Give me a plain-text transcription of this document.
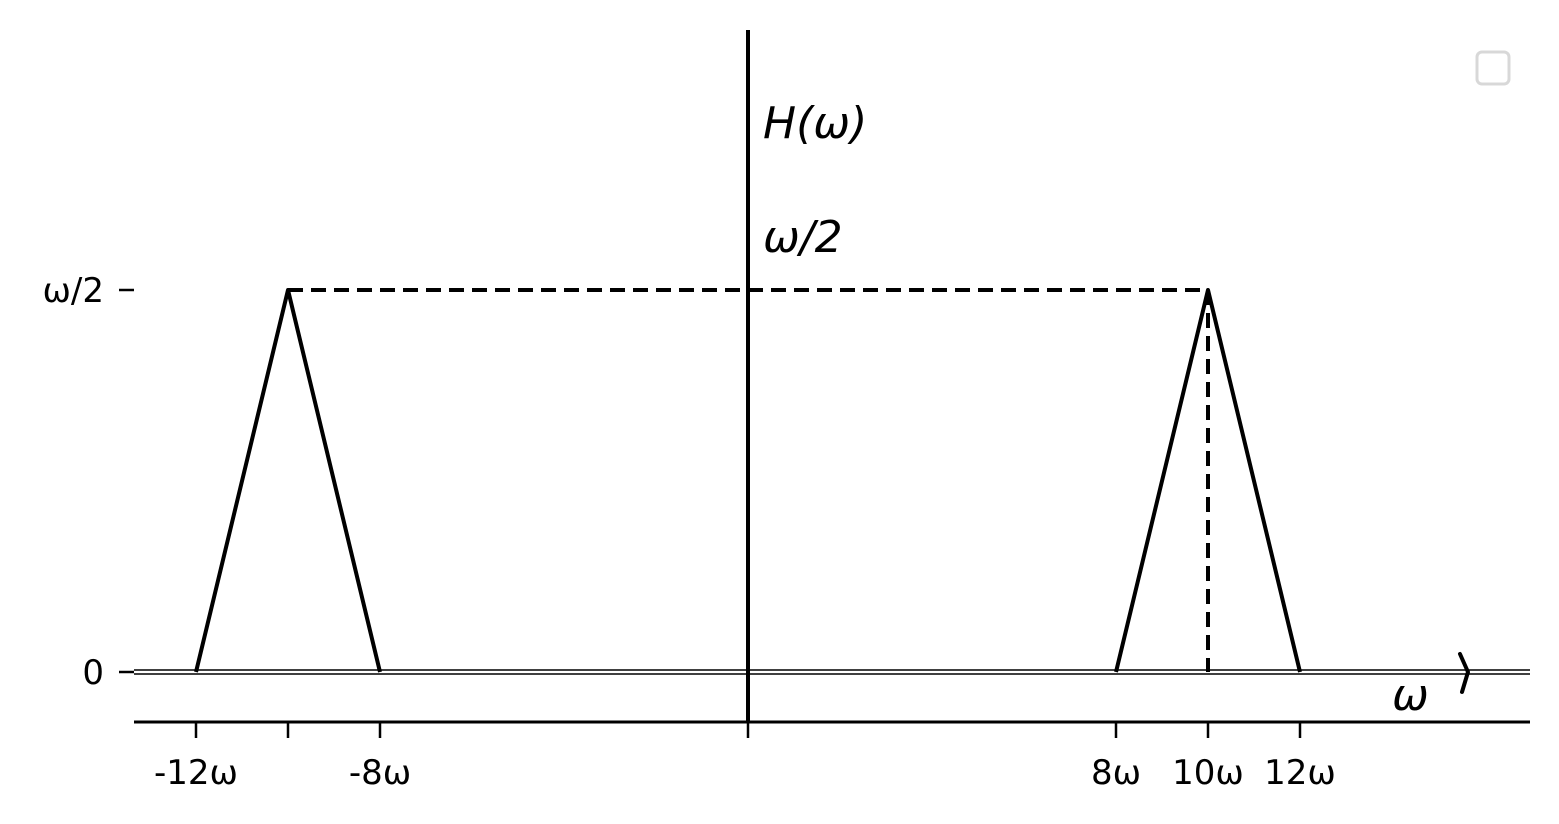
-12ω	-8ω	8ω 10ω 12ω
0
ω/2
H(ω)
ω/2
ω
